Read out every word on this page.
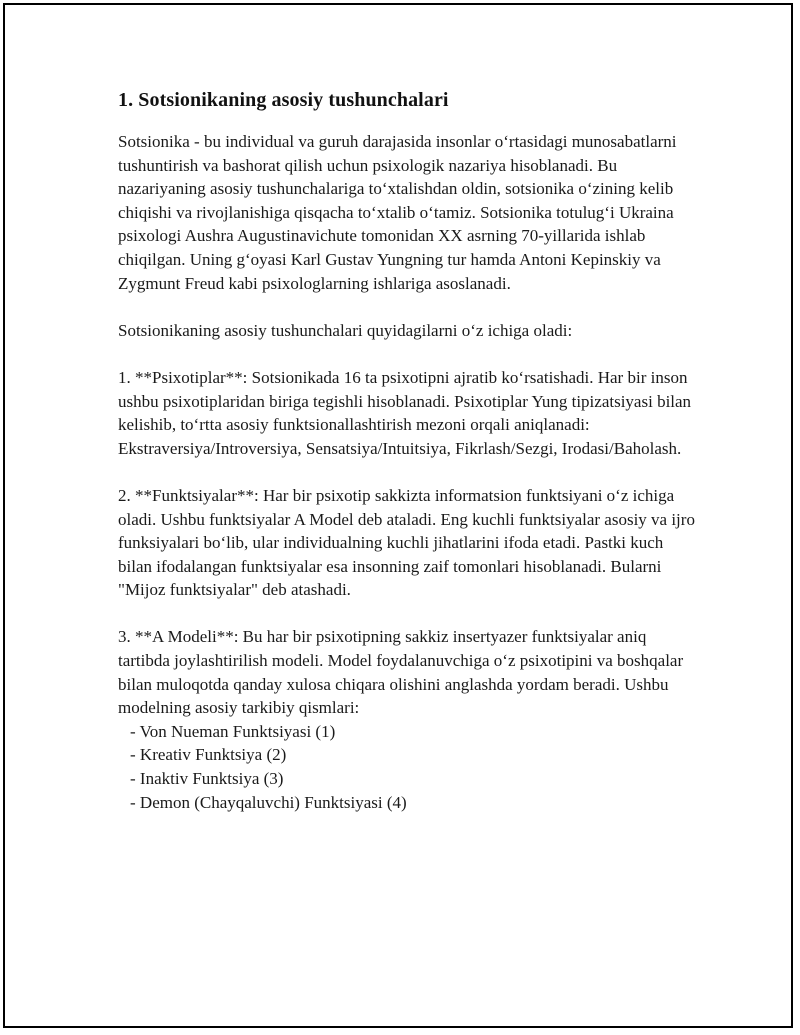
1. Sotsionikaning asosiy tushunchalari

Sotsionika - bu individual va guruh darajasida insonlar o‘rtasidagi munosabatlarni tushuntirish va bashorat qilish uchun psixologik nazariya hisoblanadi. Bu nazariyaning asosiy tushunchalariga to‘xtalishdan oldin, sotsionika o‘zining kelib chiqishi va rivojlanishiga qisqacha to‘xtalib o‘tamiz. Sotsionika totulug‘i Ukraina psixologi Aushra Augustinavichute tomonidan XX asrning 70-yillarida ishlab chiqilgan. Uning g‘oyasi Karl Gustav Yungning tur hamda Antoni Kepinskiy va Zygmunt Freud kabi psixologlarning ishlariga asoslanadi.

Sotsionikaning asosiy tushunchalari quyidagilarni o‘z ichiga oladi:

1. **Psixotiplar**: Sotsionikada 16 ta psixotipni ajratib ko‘rsatishadi. Har bir inson ushbu psixotiplaridan biriga tegishli hisoblanadi. Psixotiplar Yung tipizatsiyasi bilan kelishib, to‘rtta asosiy funktsionallashtirish mezoni orqali aniqlanadi: Ekstraversiya/Introversiya, Sensatsiya/Intuitsiya, Fikrlash/Sezgi, Irodasi/Baholash.

2. **Funktsiyalar**: Har bir psixotip sakkizta informatsion funktsiyani o‘z ichiga oladi. Ushbu funktsiyalar A Model deb ataladi. Eng kuchli funktsiyalar asosiy va ijro funksiyalari bo‘lib, ular individualning kuchli jihatlarini ifoda etadi. Pastki kuch bilan ifodalangan funktsiyalar esa insonning zaif tomonlari hisoblanadi. Bularni "Mijoz funktsiyalar" deb atashadi.

3. **A Modeli**: Bu har bir psixotipning sakkiz insertyazer funktsiyalar aniq tartibda joylashtirilish modeli. Model foydalanuvchiga o‘z psixotipini va boshqalar bilan muloqotda qanday xulosa chiqara olishini anglashda yordam beradi. Ushbu modelning asosiy tarkibiy qismlari:

- Von Nueman Funktsiyasi (1)
- Kreativ Funktsiya (2)
- Inaktiv Funktsiya (3)
- Demon (Chayqaluvchi) Funktsiyasi (4)
